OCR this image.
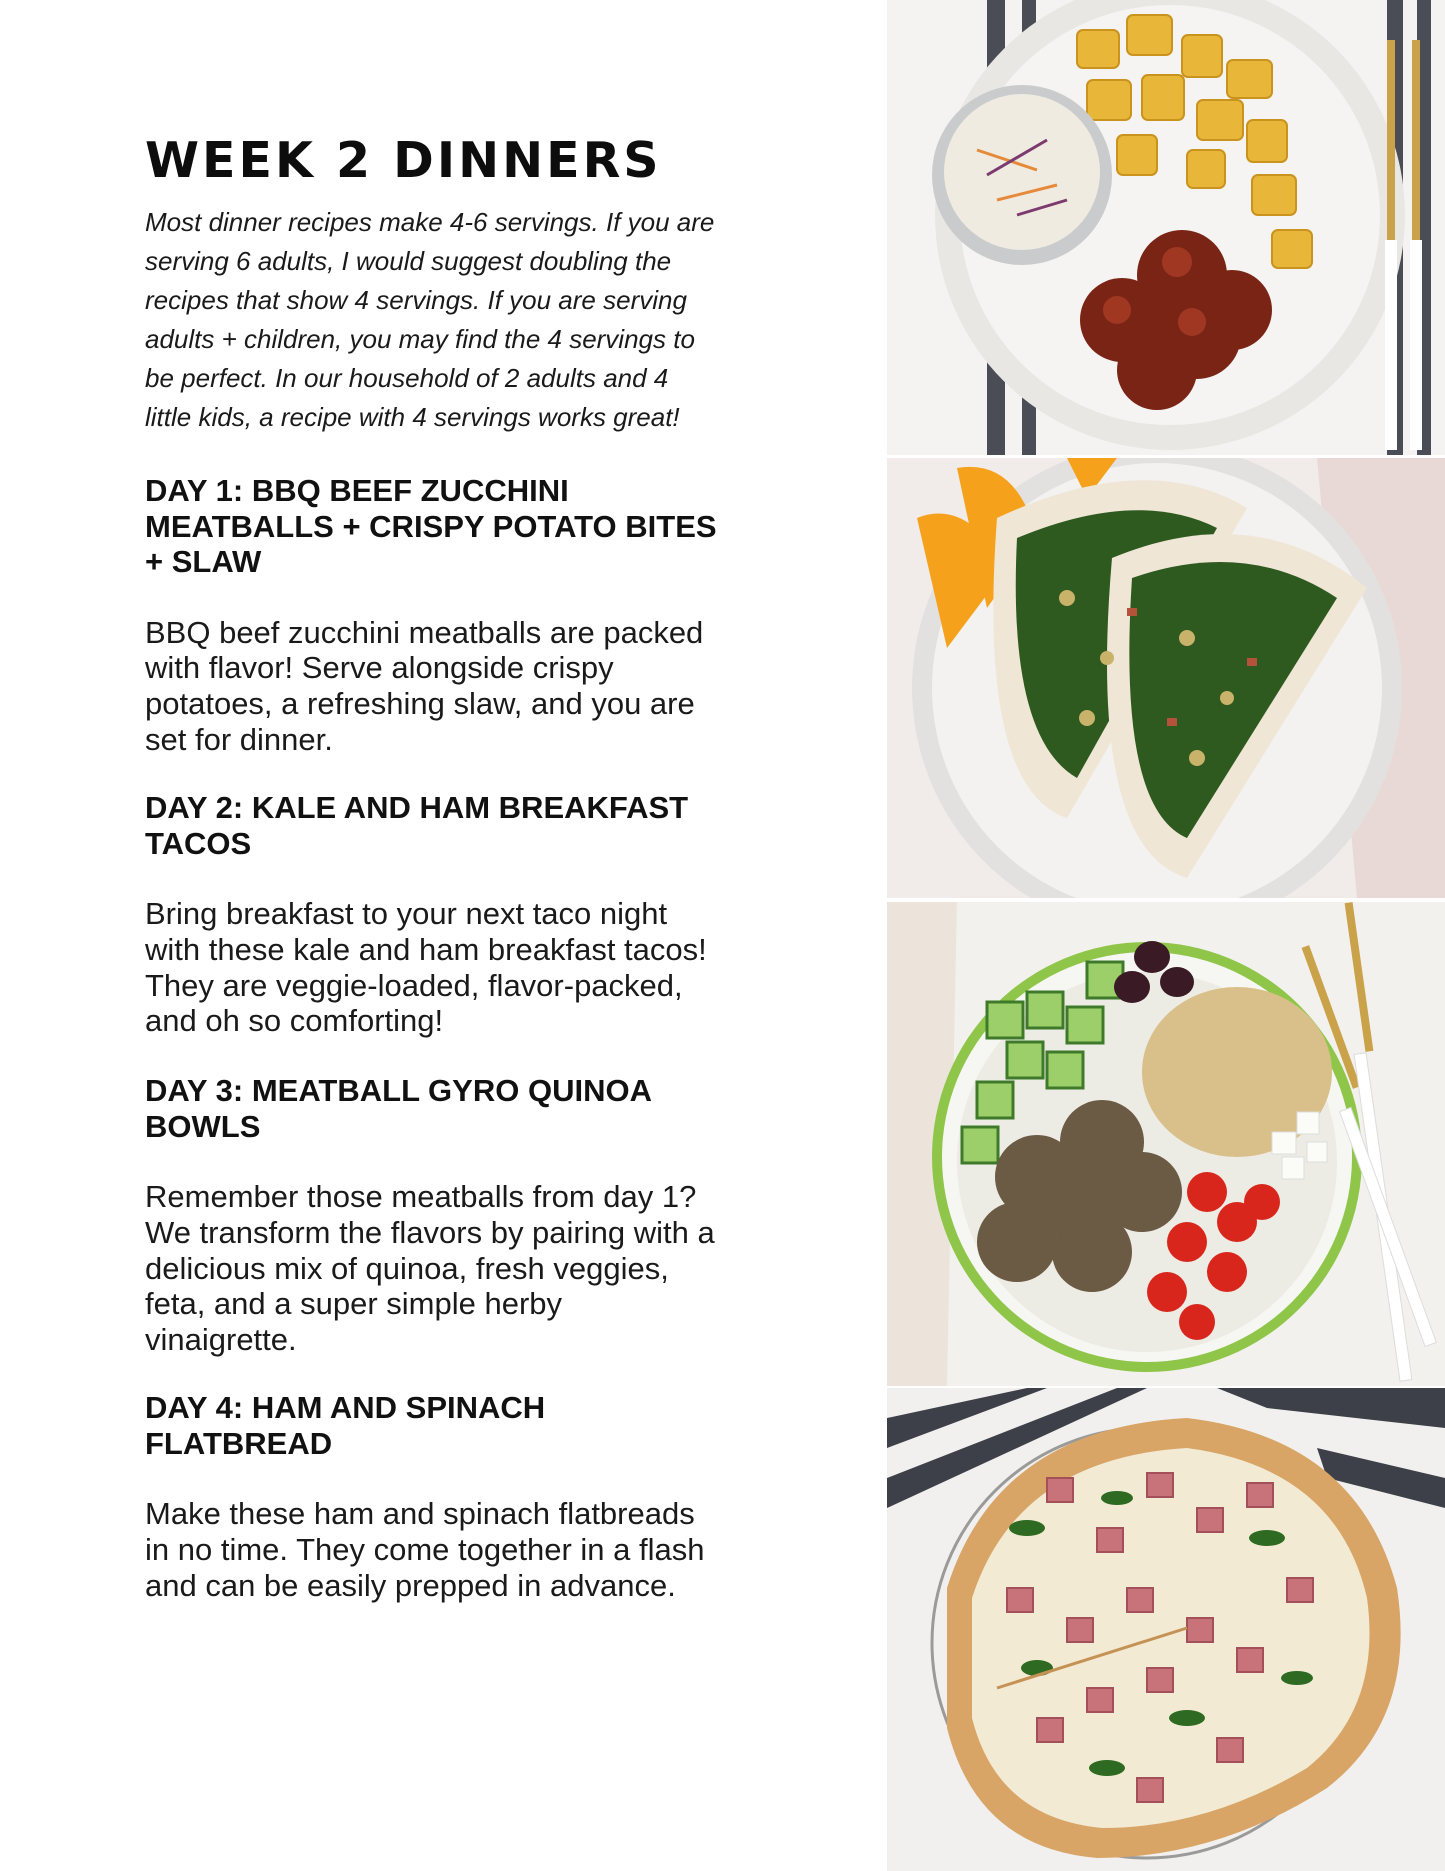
WEEK 2 DINNERS

Most dinner recipes make 4-6 servings. If you are serving 6 adults, I would suggest doubling the recipes that show 4 servings. If you are serving adults + children, you may find the 4 servings to be perfect. In our household of 2 adults and 4 little kids, a recipe with 4 servings works great!

DAY 1: BBQ BEEF ZUCCHINI MEATBALLS + CRISPY POTATO BITES + SLAW

BBQ beef zucchini meatballs are packed with flavor! Serve alongside crispy potatoes, a refreshing slaw, and you are set for dinner.

DAY 2: KALE AND HAM BREAKFAST TACOS

Bring breakfast to your next taco night with these kale and ham breakfast tacos! They are veggie-loaded, flavor-packed, and oh so comforting!

DAY 3: MEATBALL GYRO QUINOA BOWLS

Remember those meatballs from day 1? We transform the flavors by pairing with a delicious mix of quinoa, fresh veggies, feta, and a super simple herby vinaigrette.

DAY 4: HAM AND SPINACH FLATBREAD

Make these ham and spinach flatbreads in no time. They come together in a flash and can be easily prepped in advance.
